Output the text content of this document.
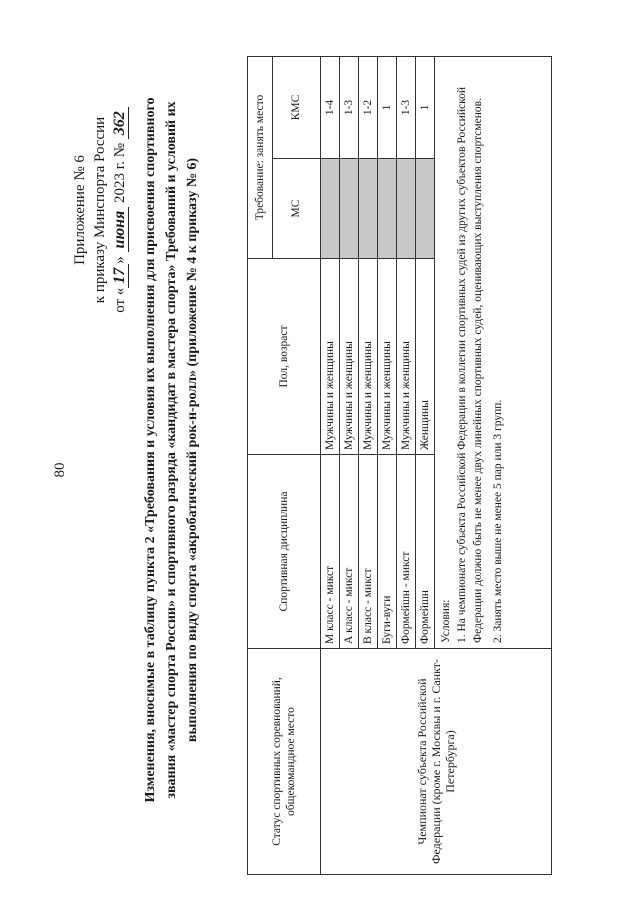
80
Приложение № 6 к приказу Минспорта России от «17» июня 2023 г. № 362 Изменения, вносимые в таблицу пункта 2 «Требования и условия их выполнения для присвоения спортивного звания «мастер спорта России» и спортивного разряда «кандидат в мастера спорта» Требований и условий их выполнения по виду спорта «акробатический рок-н-ролл» (приложение № 4 к приказу № 6)
Статус спортивных соревнований, общекомандное место	Спортивная дисциплина	Пол, возраст	Требование: занять место	
			МС	КМС
Чемпионат субъекта Российской Федерации (кроме г. Москвы и г. Санкт-Петербурга)	М класс - микст	Мужчины и женщины		1-4
	А класс - микст	Мужчины и женщины		1-3
	В класс - микст	Мужчины и женщины		1-2
	Буги-вуги	Мужчины и женщины		1
	Формейшн - микст	Мужчины и женщины		1-3
	Формейшн	Женщины		1

	Условия: 1. На чемпионате субъекта Российской Федерации в коллегии спортивных судей из других субъектов Российской Федерации должно быть не менее двух линейных спортивных судей, оценивающих выступления спортсменов. 2. Занять место выше не менее 5 пар или 3 групп.			
